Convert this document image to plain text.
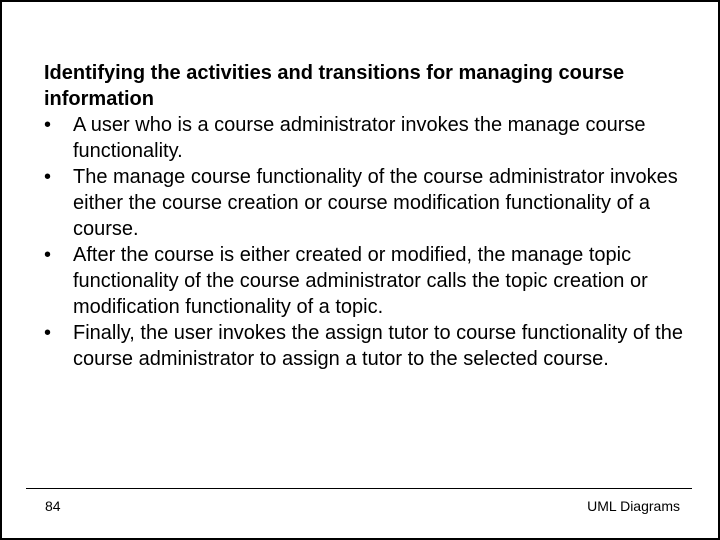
Identifying the activities and transitions for managing course information

•	A user who is a course administrator invokes the manage course functionality.
•	The manage course functionality of the course administrator invokes either the course creation or course modification functionality of a course.
•	After the course is either created or modified, the manage topic functionality of the course administrator calls the topic creation or modification functionality of a topic.
•	Finally, the user invokes the assign tutor to course functionality of the course administrator to assign a tutor to the selected course.
84	UML Diagrams
